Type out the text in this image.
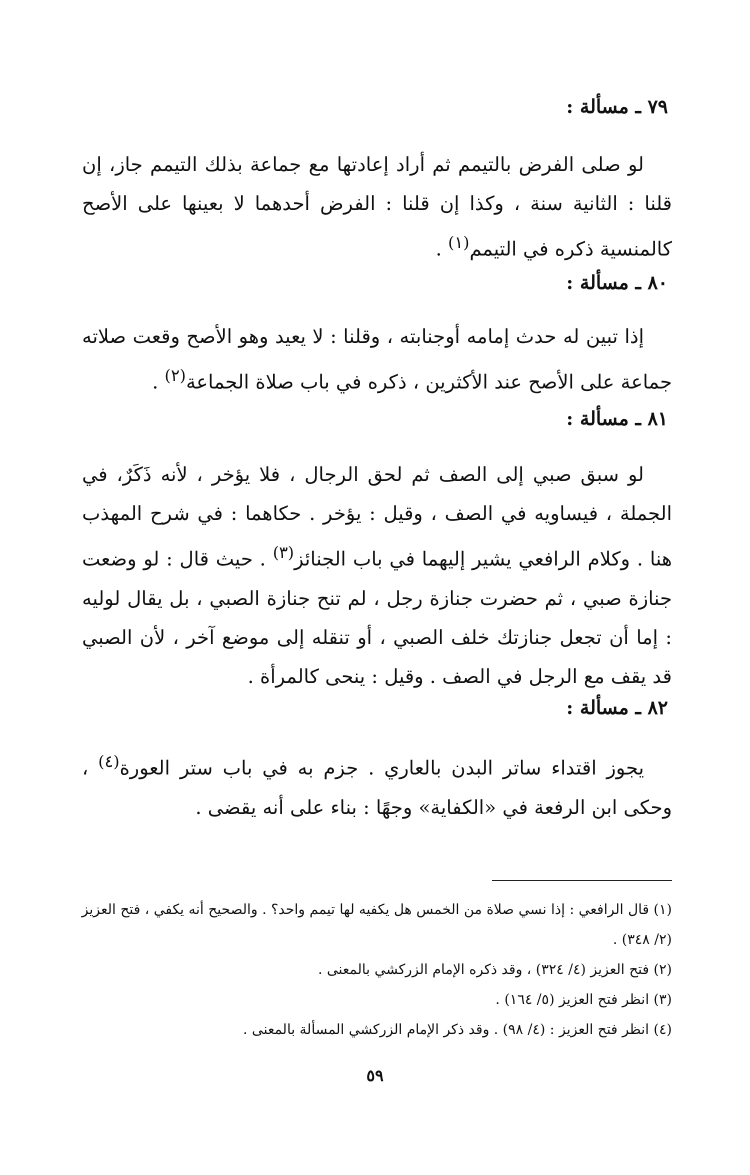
٧٩ ـ مسألة :
لو صلى الفرض بالتيمم ثم أراد إعادتها مع جماعة بذلك التيمم جاز، إن قلنا : الثانية سنة ، وكذا إن قلنا : الفرض أحدهما لا بعينها على الأصح كالمنسية ذكره في التيمم$^{(١)}$ .
٨٠ ـ مسألة :
إذا تبين له حدث إمامه أوجنابته ، وقلنا : لا يعيد وهو الأصح وقعت صلاته جماعة على الأصح عند الأكثرين ، ذكره في باب صلاة الجماعة$^{(٢)}$ .
٨١ ـ مسألة :
لو سبق صبي إلى الصف ثم لحق الرجال ، فلا يؤخر ، لأنه ذَكَرٌ، في الجملة ، فيساويه في الصف ، وقيل : يؤخر . حكاهما : في شرح المهذب هنا . وكلام الرافعي يشير إليهما في باب الجنائز$^{(٣)}$ . حيث قال : لو وضعت جنازة صبي ، ثم حضرت جنازة رجل ، لم تنح جنازة الصبي ، بل يقال لوليه : إما أن تجعل جنازتك خلف الصبي ، أو تنقله إلى موضع آخر ، لأن الصبي قد يقف مع الرجل في الصف . وقيل : ينحى كالمرأة .
٨٢ ـ مسألة :
يجوز اقتداء ساتر البدن بالعاري . جزم به في باب ستر العورة$^{(٤)}$ ، وحكى ابن الرفعة في «الكفاية» وجهًا : بناء على أنه يقضى .
(١) قال الرافعي : إذا نسي صلاة من الخمس هل يكفيه لها تيمم واحد؟ . والصحيح أنه يكفي ، فتح العزيز (٢/ ٣٤٨) .
(٢) فتح العزيز (٤/ ٣٢٤) ، وقد ذكره الإمام الزركشي بالمعنى .
(٣) انظر فتح العزيز (٥/ ١٦٤) .
(٤) انظر فتح العزيز : (٤/ ٩٨) . وقد ذكر الإمام الزركشي المسألة بالمعنى .
٥٩
